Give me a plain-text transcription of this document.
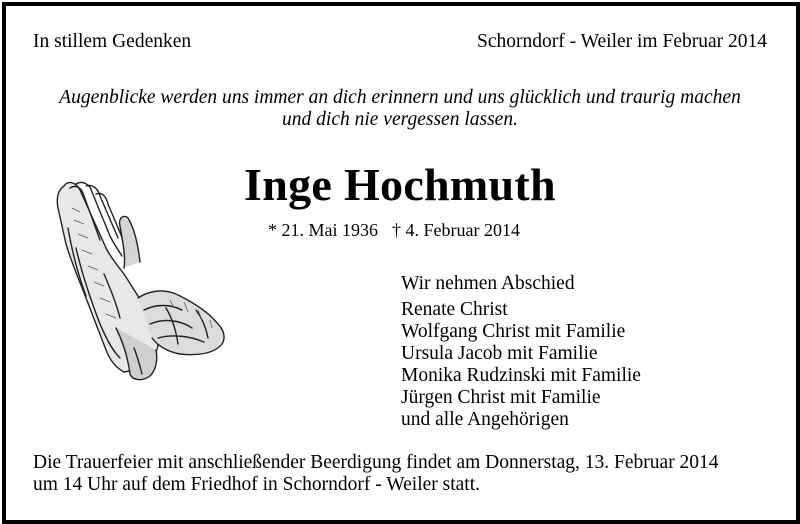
In stillem Gedenken	Schorndorf - Weiler im Februar 2014
Augenblicke werden uns immer an dich erinnern und uns glücklich und traurig machen
und dich nie vergessen lassen.
Inge Hochmuth
* 21. Mai 1936 † 4. Februar 2014
Wir nehmen Abschied
Renate Christ
Wolfgang Christ mit Familie
Ursula Jacob mit Familie
Monika Rudzinski mit Familie
Jürgen Christ mit Familie
und alle Angehörigen
Die Trauerfeier mit anschließender Beerdigung findet am Donnerstag, 13. Februar 2014
um 14 Uhr auf dem Friedhof in Schorndorf - Weiler statt.
